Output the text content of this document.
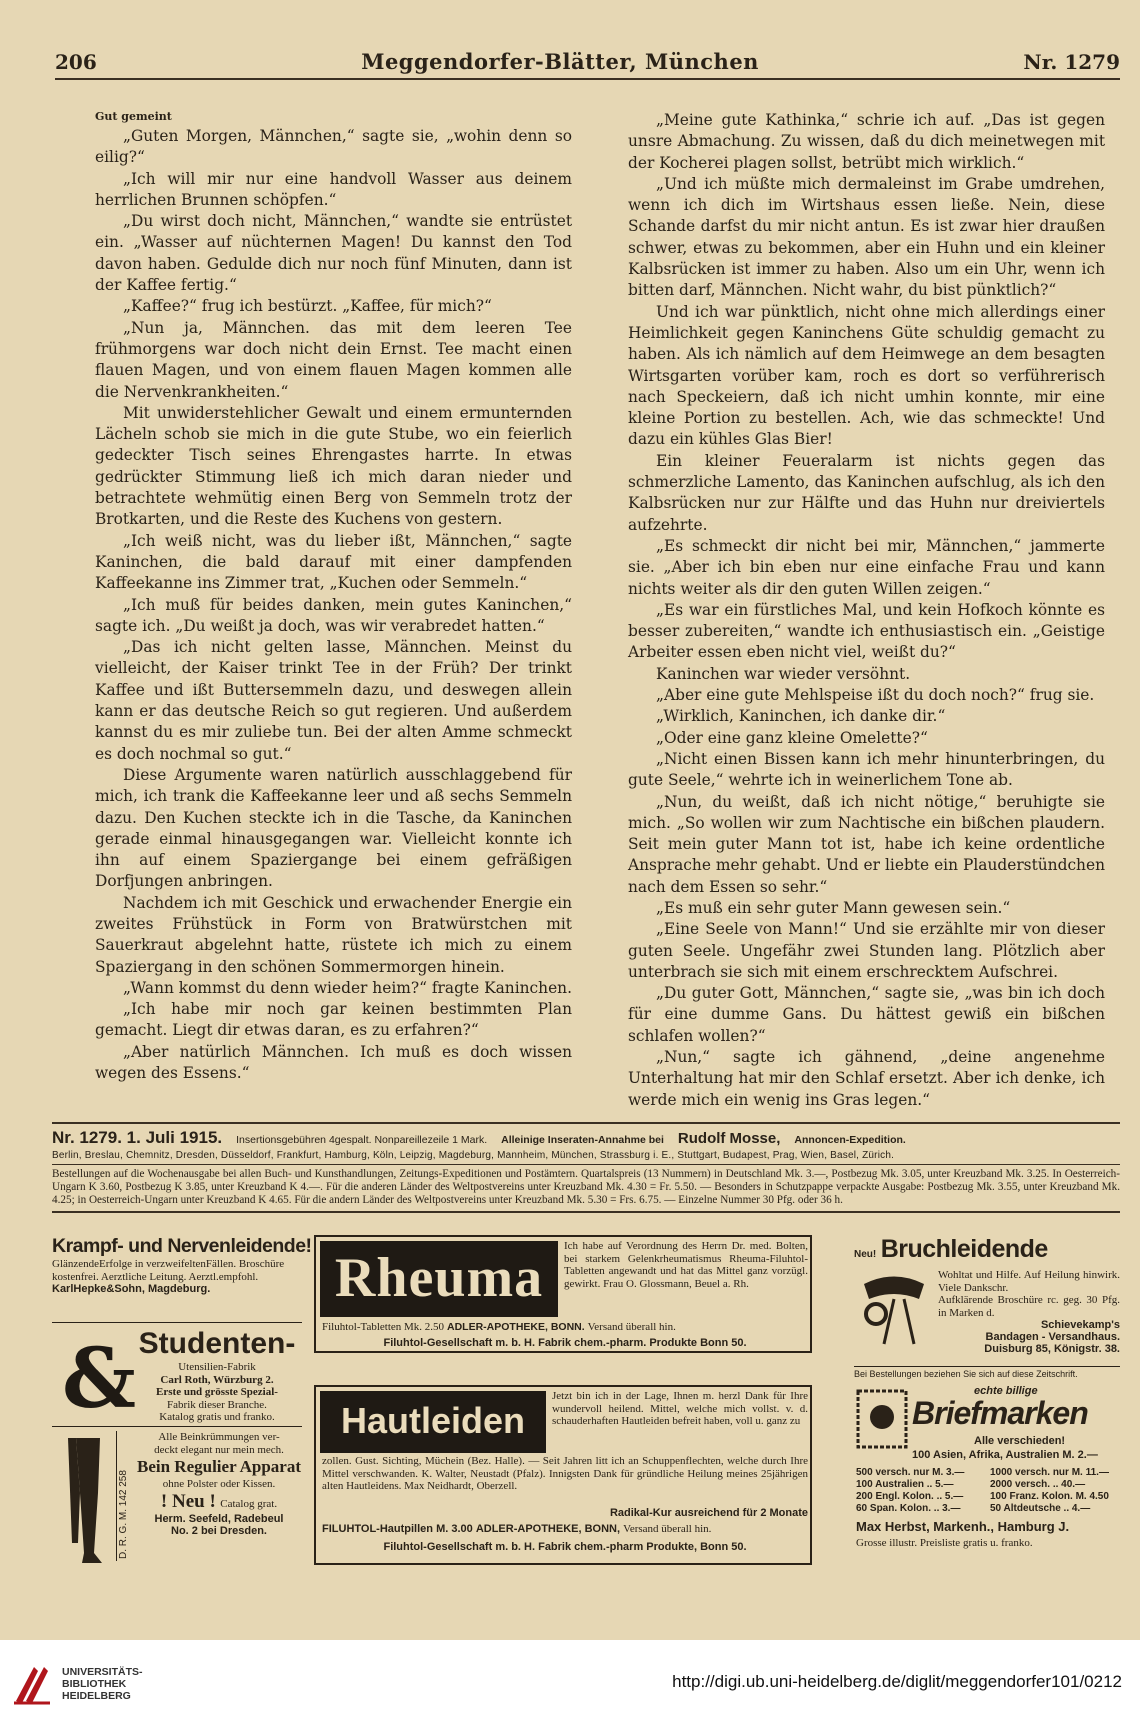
206	Meggendorfer-Blätter, München	Nr. 1279

Gut gemeint

„Guten Morgen, Männchen,“ sagte sie, „wohin denn so eilig?“

„Ich will mir nur eine handvoll Wasser aus deinem herrlichen Brunnen schöpfen.“

„Du wirst doch nicht, Männchen,“ wandte sie entrüstet ein. „Wasser auf nüchternen Magen! Du kannst den Tod davon haben. Gedulde dich nur noch fünf Minuten, dann ist der Kaffee fertig.“

„Kaffee?“ frug ich bestürzt. „Kaffee, für mich?“

„Nun ja, Männchen. das mit dem leeren Tee frühmorgens war doch nicht dein Ernst. Tee macht einen flauen Magen, und von einem flauen Magen kommen alle die Nervenkrankheiten.“

Mit unwiderstehlicher Gewalt und einem ermunternden Lächeln schob sie mich in die gute Stube, wo ein feierlich gedeckter Tisch seines Ehrengastes harrte. In etwas gedrückter Stimmung ließ ich mich daran nieder und betrachtete wehmütig einen Berg von Semmeln trotz der Brotkarten, und die Reste des Kuchens von gestern.

„Ich weiß nicht, was du lieber ißt, Männchen,“ sagte Kaninchen, die bald darauf mit einer dampfenden Kaffeekanne ins Zimmer trat, „Kuchen oder Semmeln.“

„Ich muß für beides danken, mein gutes Kaninchen,“ sagte ich. „Du weißt ja doch, was wir verabredet hatten.“

„Das ich nicht gelten lasse, Männchen. Meinst du vielleicht, der Kaiser trinkt Tee in der Früh? Der trinkt Kaffee und ißt Buttersemmeln dazu, und deswegen allein kann er das deutsche Reich so gut regieren. Und außerdem kannst du es mir zuliebe tun. Bei der alten Amme schmeckt es doch nochmal so gut.“

Diese Argumente waren natürlich ausschlaggebend für mich, ich trank die Kaffeekanne leer und aß sechs Semmeln dazu. Den Kuchen steckte ich in die Tasche, da Kaninchen gerade einmal hinausgegangen war. Vielleicht konnte ich ihn auf einem Spaziergange bei einem gefräßigen Dorfjungen anbringen.

Nachdem ich mit Geschick und erwachender Energie ein zweites Frühstück in Form von Bratwürstchen mit Sauerkraut abgelehnt hatte, rüstete ich mich zu einem Spaziergang in den schönen Sommermorgen hinein.

„Wann kommst du denn wieder heim?“ fragte Kaninchen.

„Ich habe mir noch gar keinen bestimmten Plan gemacht. Liegt dir etwas daran, es zu erfahren?“

„Aber natürlich Männchen. Ich muß es doch wissen wegen des Essens.“

„Meine gute Kathinka,“ schrie ich auf. „Das ist gegen unsre Abmachung. Zu wissen, daß du dich meinetwegen mit der Kocherei plagen sollst, betrübt mich wirklich.“

„Und ich müßte mich dermaleinst im Grabe umdrehen, wenn ich dich im Wirtshaus essen ließe. Nein, diese Schande darfst du mir nicht antun. Es ist zwar hier draußen schwer, etwas zu bekommen, aber ein Huhn und ein kleiner Kalbsrücken ist immer zu haben. Also um ein Uhr, wenn ich bitten darf, Männchen. Nicht wahr, du bist pünktlich?“

Und ich war pünktlich, nicht ohne mich allerdings einer Heimlichkeit gegen Kaninchens Güte schuldig gemacht zu haben. Als ich nämlich auf dem Heimwege an dem besagten Wirtsgarten vorüber kam, roch es dort so verführerisch nach Speckeiern, daß ich nicht umhin konnte, mir eine kleine Portion zu bestellen. Ach, wie das schmeckte! Und dazu ein kühles Glas Bier!

Ein kleiner Feueralarm ist nichts gegen das schmerzliche Lamento, das Kaninchen aufschlug, als ich den Kalbsrücken nur zur Hälfte und das Huhn nur dreiviertels aufzehrte.

„Es schmeckt dir nicht bei mir, Männchen,“ jammerte sie. „Aber ich bin eben nur eine einfache Frau und kann nichts weiter als dir den guten Willen zeigen.“

„Es war ein fürstliches Mal, und kein Hofkoch könnte es besser zubereiten,“ wandte ich enthusiastisch ein. „Geistige Arbeiter essen eben nicht viel, weißt du?“

Kaninchen war wieder versöhnt.

„Aber eine gute Mehlspeise ißt du doch noch?“ frug sie.

„Wirklich, Kaninchen, ich danke dir.“

„Oder eine ganz kleine Omelette?“

„Nicht einen Bissen kann ich mehr hinunterbringen, du gute Seele,“ wehrte ich in weinerlichem Tone ab.

„Nun, du weißt, daß ich nicht nötige,“ beruhigte sie mich. „So wollen wir zum Nachtische ein bißchen plaudern. Seit mein guter Mann tot ist, habe ich keine ordentliche Ansprache mehr gehabt. Und er liebte ein Plauderstündchen nach dem Essen so sehr.“

„Es muß ein sehr guter Mann gewesen sein.“

„Eine Seele von Mann!“ Und sie erzählte mir von dieser guten Seele. Ungefähr zwei Stunden lang. Plötzlich aber unterbrach sie sich mit einem erschrecktem Aufschrei.

„Du guter Gott, Männchen,“ sagte sie, „was bin ich doch für eine dumme Gans. Du hättest gewiß ein bißchen schlafen wollen?“

„Nun,“ sagte ich gähnend, „deine angenehme Unterhaltung hat mir den Schlaf ersetzt. Aber ich denke, ich werde mich ein wenig ins Gras legen.“

Nr. 1279. 1. Juli 1915. Insertionsgebühren 4gespalt. Nonpareillezeile 1 Mark. Alleinige Inseraten-Annahme bei Rudolf Mosse, Annoncen-Expedition.
Berlin, Breslau, Chemnitz, Dresden, Düsseldorf, Frankfurt, Hamburg, Köln, Leipzig, Magdeburg, Mannheim, München, Strassburg i. E., Stuttgart, Budapest, Prag, Wien, Basel, Zürich.
Bestellungen auf die Wochenausgabe bei allen Buch- und Kunsthandlungen, Zeitungs-Expeditionen und Postämtern. Quartalspreis (13 Nummern) in Deutschland Mk. 3.—, Postbezug Mk. 3.05, unter Kreuzband Mk. 3.25. In Oesterreich-Ungarn K 3.60, Postbezug K 3.85, unter Kreuzband K 4.—. Für die anderen Länder des Weltpostvereins unter Kreuzband Mk. 4.30 = Fr. 5.50. — Besonders in Schutzpappe verpackte Ausgabe: Postbezug Mk. 3.55, unter Kreuzband Mk. 4.25; in Oesterreich-Ungarn unter Kreuzband K 4.65. Für die andern Länder des Weltpostvereins unter Kreuzband Mk. 5.30 = Frs. 6.75. — Einzelne Nummer 30 Pfg. oder 36 h.
Krampf- und Nervenleidende!
GlänzendeErfolge in verzweifeltenFällen. Broschüre kostenfrei. Aerztliche Leitung. Aerztl.empfohl.
KarlHepke&Sohn, Magdeburg.
& Studenten-
Utensilien-Fabrik
Carl Roth, Würzburg 2.
Erste und grösste Spezial-
Fabrik dieser Branche.
Katalog gratis und franko.
D. R. G. M. 142 258
Alle Beinkrümmungen ver-
deckt elegant nur mein mech.
Bein Regulier Apparat
ohne Polster oder Kissen.
! Neu ! Catalog grat.
Herm. Seefeld, Radebeul
No. 2 bei Dresden.
Rheuma
Ich habe auf Verordnung des Herrn Dr. med. Bolten, bei starkem Gelenkrheumatismus Rheuma-Filuhtol-Tabletten angewandt und hat das Mittel ganz vorzügl. gewirkt. Frau O. Glossmann, Beuel a. Rh.
Filuhtol-Tabletten Mk. 2.50 ADLER-APOTHEKE, BONN. Versand überall hin.
Filuhtol-Gesellschaft m. b. H. Fabrik chem.-pharm. Produkte Bonn 50.
Hautleiden
Jetzt bin ich in der Lage, Ihnen m. herzl Dank für Ihre wundervoll heilend. Mittel, welche mich vollst. v. d. schauderhaften Hautleiden befreit haben, voll u. ganz zu
zollen. Gust. Sichting, Müchein (Bez. Halle). — Seit Jahren litt ich an Schuppenflechten, welche durch Ihre Mittel verschwanden. K. Walter, Neustadt (Pfalz). Innigsten Dank für gründliche Heilung meines 25jährigen alten Hautleidens. Max Neidhardt, Oberzell.
Radikal-Kur ausreichend für 2 Monate
FILUHTOL-Hautpillen M. 3.00 ADLER-APOTHEKE, BONN, Versand überall hin.
Filuhtol-Gesellschaft m. b. H. Fabrik chem.-pharm Produkte, Bonn 50.
Neu! Bruchleidende
Wohltat und Hilfe. Auf Heilung hinwirk. Viele Dankschr.
Aufklärende Broschüre rc. geg. 30 Pfg. in Marken d.
Schievekamp's
Bandagen - Versandhaus.
Duisburg 85, Königstr. 38.
Bei Bestellungen beziehen Sie sich auf diese Zeitschrift.
echte billige
Briefmarken
Alle verschieden!
100 Asien, Afrika, Australien M. 2.—
500 versch. nur M. 3.—
100 Australien .. 5.—
200 Engl. Kolon. .. 5.—
60 Span. Kolon. .. 3.—
1000 versch. nur M. 11.—
2000 versch. .. 40.—
100 Franz. Kolon. M. 4.50
50 Altdeutsche .. 4.—
Max Herbst, Markenh., Hamburg J.
Grosse illustr. Preisliste gratis u. franko.
UNIVERSITÄTS-
BIBLIOTHEK
HEIDELBERG
http://digi.ub.uni-heidelberg.de/diglit/meggendorfer101/0212
